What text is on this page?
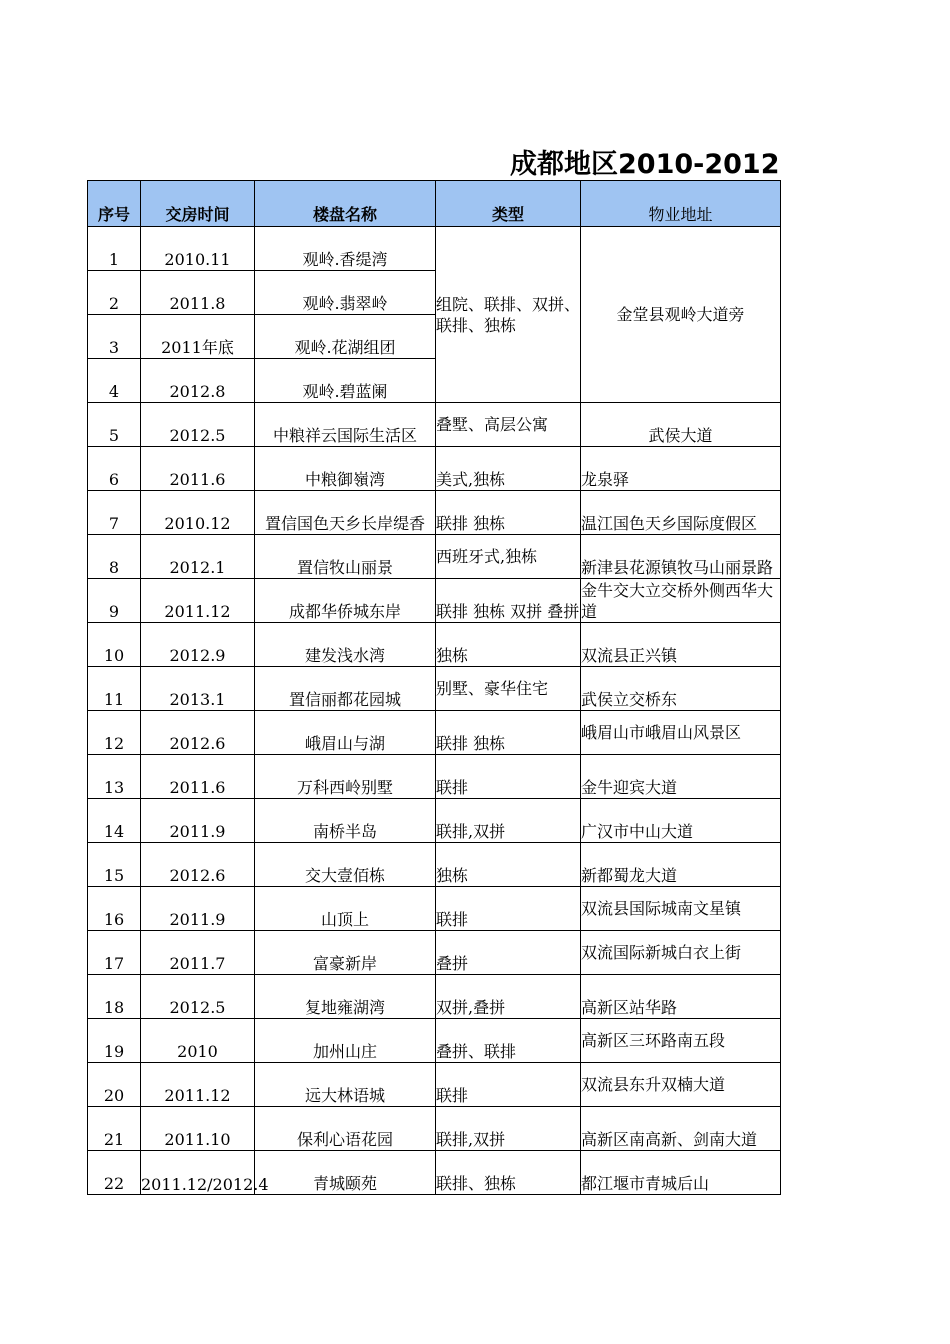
成都地区2010-2012
序号	交房时间	楼盘名称	类型	物业地址
1	2010.11	观岭.香缇湾	组院、联排、双拼、联排、独栋	金堂县观岭大道旁
2	2011.8	观岭.翡翠岭		
3	2011年底	观岭.花湖组团		
4	2012.8	观岭.碧蓝阑		
5	2012.5	中粮祥云国际生活区	叠墅、高层公寓	武侯大道
6	2011.6	中粮御嶺湾	美式,独栋	龙泉驿
7	2010.12	置信国色天乡长岸缇香	联排 独栋	温江国色天乡国际度假区
8	2012.1	置信牧山丽景	西班牙式,独栋	新津县花源镇牧马山丽景路
9	2011.12	成都华侨城东岸	联排 独栋 双拼 叠拼	金牛交大立交桥外侧西华大道
10	2012.9	建发浅水湾	独栋	双流县正兴镇
11	2013.1	置信丽都花园城	别墅、豪华住宅	武侯立交桥东
12	2012.6	峨眉山与湖	联排 独栋	峨眉山市峨眉山风景区
13	2011.6	万科西岭别墅	联排	金牛迎宾大道
14	2011.9	南桥半岛	联排,双拼	广汉市中山大道
15	2012.6	交大壹佰栋	独栋	新都蜀龙大道
16	2011.9	山顶上	联排	双流县国际城南文星镇
17	2011.7	富豪新岸	叠拼	双流国际新城白衣上街
18	2012.5	复地雍湖湾	双拼,叠拼	高新区站华路
19	2010	加州山庄	叠拼、联排	高新区三环路南五段
20	2011.12	远大林语城	联排	双流县东升双楠大道
21	2011.10	保利心语花园	联排,双拼	高新区南高新、剑南大道
22	2011.12/2012.4	青城颐苑	联排、独栋	都江堰市青城后山
